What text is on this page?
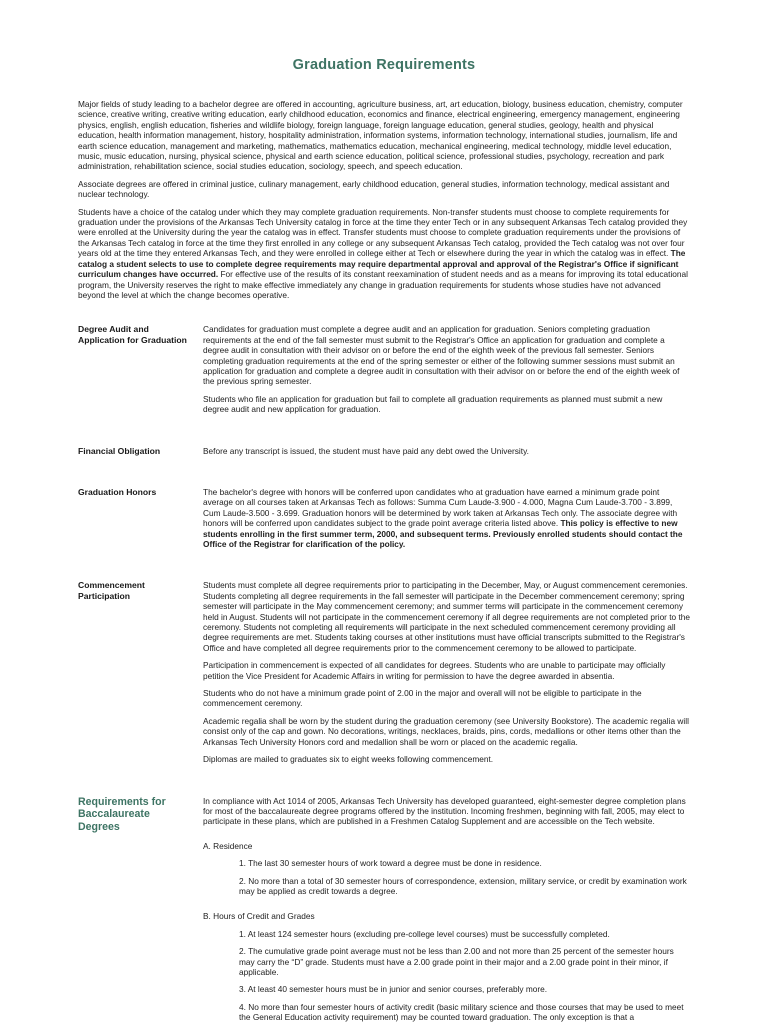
Graduation Requirements

Major fields of study leading to a bachelor degree are offered in accounting, agriculture business, art, art education, biology, business education, chemistry, computer science, creative writing, creative writing education, early childhood education, economics and finance, electrical engineering, emergency management, engineering physics, english, english education, fisheries and wildlife biology, foreign language, foreign language education, general studies, geology, health and physical education, health information management, history, hospitality administration, information systems, information technology, international studies, journalism, life and earth science education, management and marketing, mathematics, mathematics education, mechanical engineering, medical technology, middle level education, music, music education, nursing, physical science, physical and earth science education, political science, professional studies, psychology, recreation and park administration, rehabilitation science, social studies education, sociology, speech, and speech education.

Associate degrees are offered in criminal justice, culinary management, early childhood education, general studies, information technology, medical assistant and nuclear technology.

Students have a choice of the catalog under which they may complete graduation requirements. Non-transfer students must choose to complete requirements for graduation under the provisions of the Arkansas Tech University catalog in force at the time they enter Tech or in any subsequent Arkansas Tech catalog provided they were enrolled at the University during the year the catalog was in effect. Transfer students must choose to complete graduation requirements under the provisions of the Arkansas Tech catalog in force at the time they first enrolled in any college or any subsequent Arkansas Tech catalog, provided the Tech catalog was not over four years old at the time they entered Arkansas Tech, and they were enrolled in college either at Tech or elsewhere during the year in which the catalog was in effect. The catalog a student selects to use to complete degree requirements may require departmental approval and approval of the Registrar's Office if significant curriculum changes have occurred. For effective use of the results of its constant reexamination of student needs and as a means for improving its total educational program, the University reserves the right to make effective immediately any change in graduation requirements for students whose studies have not advanced beyond the level at which the change becomes operative.

Degree Audit and Application for Graduation

Candidates for graduation must complete a degree audit and an application for graduation. Seniors completing graduation requirements at the end of the fall semester must submit to the Registrar's Office an application for graduation and complete a degree audit in consultation with their advisor on or before the end of the eighth week of the previous fall semester. Seniors completing graduation requirements at the end of the spring semester or either of the following summer sessions must submit an application for graduation and complete a degree audit in consultation with their advisor on or before the end of the eighth week of the previous spring semester.

Students who file an application for graduation but fail to complete all graduation requirements as planned must submit a new degree audit and new application for graduation.

Financial Obligation	Before any transcript is issued, the student must have paid any debt owed the University.

Graduation Honors	The bachelor's degree with honors will be conferred upon candidates who at graduation have earned a minimum grade point average on all courses taken at Arkansas Tech as follows: Summa Cum Laude-3.900 - 4.000, Magna Cum Laude-3.700 - 3.899, Cum Laude-3.500 - 3.699. Graduation honors will be determined by work taken at Arkansas Tech only. The associate degree with honors will be conferred upon candidates subject to the grade point average criteria listed above. This policy is effective to new students enrolling in the first summer term, 2000, and subsequent terms. Previously enrolled students should contact the Office of the Registrar for clarification of the policy.

Commencement Participation

Students must complete all degree requirements prior to participating in the December, May, or August commencement ceremonies. Students completing all degree requirements in the fall semester will participate in the December commencement ceremony; spring semester will participate in the May commencement ceremony; and summer terms will participate in the commencement ceremony held in August. Students will not participate in the commencement ceremony if all degree requirements are not completed prior to the ceremony. Students not completing all requirements will participate in the next scheduled commencement ceremony providing all degree requirements are met. Students taking courses at other institutions must have official transcripts submitted to the Registrar's Office and have completed all degree requirements prior to the commencement ceremony to be allowed to participate.

Participation in commencement is expected of all candidates for degrees. Students who are unable to participate may officially petition the Vice President for Academic Affairs in writing for permission to have the degree awarded in absentia.

Students who do not have a minimum grade point of 2.00 in the major and overall will not be eligible to participate in the commencement ceremony.

Academic regalia shall be worn by the student during the graduation ceremony (see University Bookstore). The academic regalia will consist only of the cap and gown. No decorations, writings, necklaces, braids, pins, cords, medallions or other items other than the Arkansas Tech University Honors cord and medallion shall be worn or placed on the academic regalia.

Diplomas are mailed to graduates six to eight weeks following commencement.

Requirements for Baccalaureate Degrees

In compliance with Act 1014 of 2005, Arkansas Tech University has developed guaranteed, eight-semester degree completion plans for most of the baccalaureate degree programs offered by the institution. Incoming freshmen, beginning with fall, 2005, may elect to participate in these plans, which are published in a Freshmen Catalog Supplement and are accessible on the Tech website.

A. Residence

1. The last 30 semester hours of work toward a degree must be done in residence.

2. No more than a total of 30 semester hours of correspondence, extension, military service, or credit by examination work may be applied as credit towards a degree.

B. Hours of Credit and Grades

1. At least 124 semester hours (excluding pre-college level courses) must be successfully completed.

2. The cumulative grade point average must not be less than 2.00 and not more than 25 percent of the semester hours may carry the “D” grade. Students must have a 2.00 grade point in their major and a 2.00 grade point in their minor, if applicable.

3. At least 40 semester hours must be in junior and senior courses, preferably more.

4. No more than four semester hours of activity credit (basic military science and those courses that may be used to meet the General Education activity requirement) may be counted toward graduation. The only exception is that a
